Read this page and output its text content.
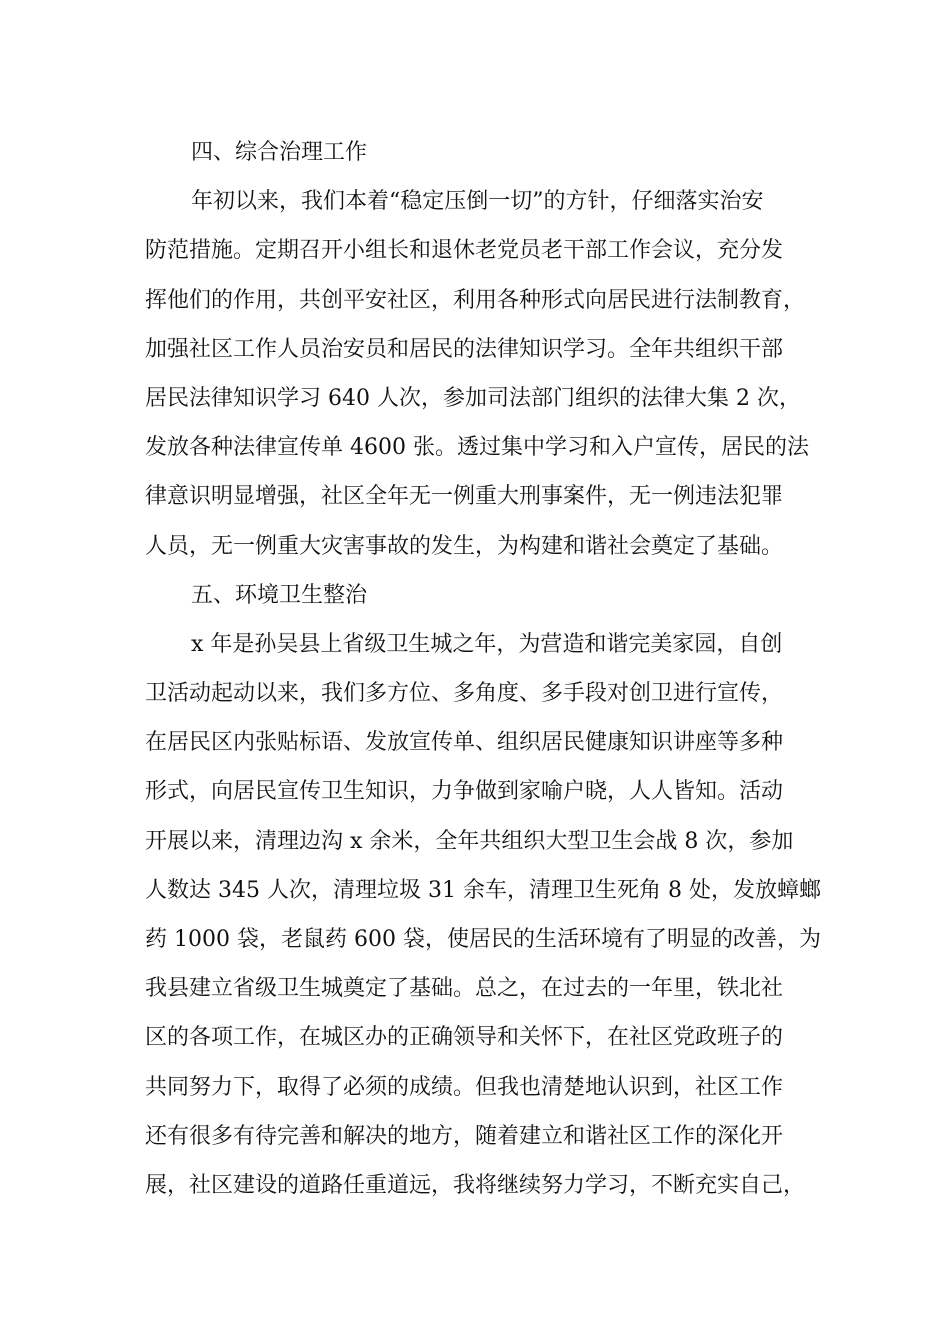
四、综合治理工作
年初以来，我们本着“稳定压倒一切”的方针，仔细落实治安
防范措施。定期召开小组长和退休老党员老干部工作会议，充分发
挥他们的作用，共创平安社区，利用各种形式向居民进行法制教育，
加强社区工作人员治安员和居民的法律知识学习。全年共组织干部
居民法律知识学习 640 人次，参加司法部门组织的法律大集 2 次，
发放各种法律宣传单 4600 张。透过集中学习和入户宣传，居民的法
律意识明显增强，社区全年无一例重大刑事案件，无一例违法犯罪
人员，无一例重大灾害事故的发生，为构建和谐社会奠定了基础。
五、环境卫生整治
x 年是孙吴县上省级卫生城之年，为营造和谐完美家园，自创
卫活动起动以来，我们多方位、多角度、多手段对创卫进行宣传，
在居民区内张贴标语、发放宣传单、组织居民健康知识讲座等多种
形式，向居民宣传卫生知识，力争做到家喻户晓，人人皆知。活动
开展以来，清理边沟 x 余米，全年共组织大型卫生会战 8 次，参加
人数达 345 人次，清理垃圾 31 余车，清理卫生死角 8 处，发放蟑螂
药 1000 袋，老鼠药 600 袋，使居民的生活环境有了明显的改善，为
我县建立省级卫生城奠定了基础。总之，在过去的一年里，铁北社
区的各项工作，在城区办的正确领导和关怀下，在社区党政班子的
共同努力下，取得了必须的成绩。但我也清楚地认识到，社区工作
还有很多有待完善和解决的地方，随着建立和谐社区工作的深化开
展，社区建设的道路任重道远，我将继续努力学习，不断充实自己，
